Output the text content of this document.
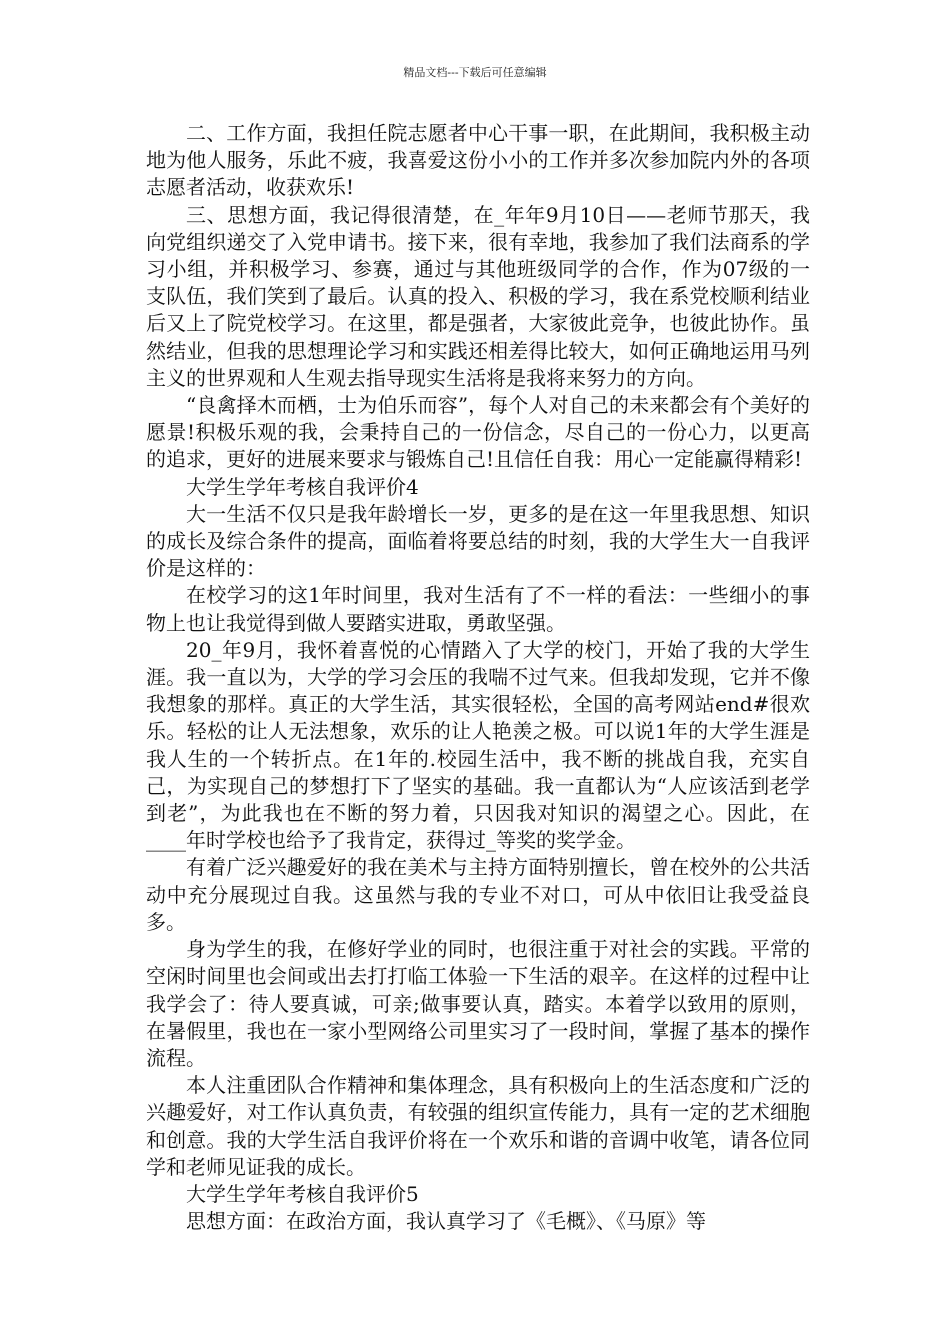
精品文档---下载后可任意编辑

二、工作方面，我担任院志愿者中心干事一职，在此期间，我积极主动地为他人服务，乐此不疲，我喜爱这份小小的工作并多次参加院内外的各项志愿者活动，收获欢乐!

三、思想方面，我记得很清楚，在_年年9月10日——老师节那天，我向党组织递交了入党申请书。接下来，很有幸地，我参加了我们法商系的学习小组，并积极学习、参赛，通过与其他班级同学的合作，作为07级的一支队伍，我们笑到了最后。认真的投入、积极的学习，我在系党校顺利结业后又上了院党校学习。在这里，都是强者，大家彼此竞争，也彼此协作。虽然结业，但我的思想理论学习和实践还相差得比较大，如何正确地运用马列主义的世界观和人生观去指导现实生活将是我将来努力的方向。

“良禽择木而栖，士为伯乐而容”，每个人对自己的未来都会有个美好的愿景!积极乐观的我，会秉持自己的一份信念，尽自己的一份心力，以更高的追求，更好的进展来要求与锻炼自己!且信任自我：用心一定能赢得精彩!

大学生学年考核自我评价4

大一生活不仅只是我年龄增长一岁，更多的是在这一年里我思想、知识的成长及综合条件的提高，面临着将要总结的时刻，我的大学生大一自我评价是这样的：

在校学习的这1年时间里，我对生活有了不一样的看法：一些细小的事物上也让我觉得到做人要踏实进取，勇敢坚强。

20_年9月，我怀着喜悦的心情踏入了大学的校门，开始了我的大学生涯。我一直以为，大学的学习会压的我喘不过气来。但我却发现，它并不像我想象的那样。真正的大学生活，其实很轻松，全国的高考网站end#很欢乐。轻松的让人无法想象，欢乐的让人艳羡之极。可以说1年的大学生涯是我人生的一个转折点。在1年的.校园生活中，我不断的挑战自我，充实自己，为实现自己的梦想打下了坚实的基础。我一直都认为“人应该活到老学到老”，为此我也在不断的努力着，只因我对知识的渴望之心。因此，在____年时学校也给予了我肯定，获得过_等奖的奖学金。

有着广泛兴趣爱好的我在美术与主持方面特别擅长，曾在校外的公共活动中充分展现过自我。这虽然与我的专业不对口，可从中依旧让我受益良多。

身为学生的我，在修好学业的同时，也很注重于对社会的实践。平常的空闲时间里也会间或出去打打临工体验一下生活的艰辛。在这样的过程中让我学会了：待人要真诚，可亲;做事要认真，踏实。本着学以致用的原则，在暑假里，我也在一家小型网络公司里实习了一段时间，掌握了基本的操作流程。

本人注重团队合作精神和集体理念，具有积极向上的生活态度和广泛的兴趣爱好，对工作认真负责，有较强的组织宣传能力，具有一定的艺术细胞和创意。我的大学生活自我评价将在一个欢乐和谐的音调中收笔，请各位同学和老师见证我的成长。

大学生学年考核自我评价5

思想方面：在政治方面，我认真学习了《毛概》、《马原》等
